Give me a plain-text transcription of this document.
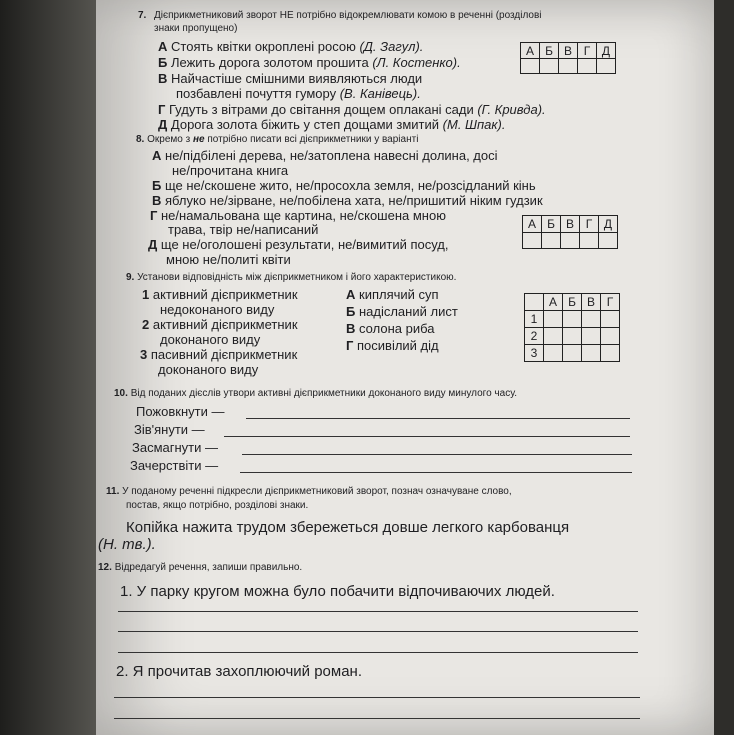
7. Дієприкметниковий зворот НЕ потрібно відокремлювати комою в реченні (розділові
знаки пропущено)
А Стоять квітки окроплені росою (Д. Загул).
Б Лежить дорога золотом прошита (Л. Костенко).
В Найчастіше смішними виявляються люди
позбавлені почуття гумору (В. Канівець).
Г Гудуть з вітрами до світання дощем оплакані сади (Г. Кривда).
Д Дорога золота біжить у степ дощами змитий (М. Шпак).
А	Б	В	Г	Д

8. Окремо з не потрібно писати всі дієприкметники у варіанті
А не/підбілені дерева, не/затоплена навесні долина, досі
не/прочитана книга
Б ще не/скошене жито, не/просохла земля, не/розсідланий кінь
В яблуко не/зірване, не/побілена хата, не/пришитий ніким гудзик
Г не/намальована ще картина, не/скошена мною
трава, твір не/написаний
Д ще не/оголошені результати, не/вимитий посуд,
мною не/политі квіти
А	Б	В	Г	Д

9. Установи відповідність між дієприкметником і його характеристикою.
1 активний дієприкметник
недоконаного виду
2 активний дієприкметник
доконаного виду
3 пасивний дієприкметник
доконаного виду
А киплячий суп
Б надісланий лист
В солона риба
Г посивілий дід
	А	Б	В	Г
1				
2				
3				
10. Від поданих дієслів утвори активні дієприкметники доконаного виду минулого часу.
Пожовкнути —
Зів'янути —
Засмагнути —
Зачерствіти —
11. У поданому реченні підкресли дієприкметниковий зворот, познач означуване слово,
постав, якщо потрібно, розділові знаки.
Копійка нажита трудом збережеться довше легкого карбованця
(Н. тв.).
12. Відредагуй речення, запиши правильно.
1. У парку кругом можна було побачити відпочиваючих людей.
2. Я прочитав захоплюючий роман.
